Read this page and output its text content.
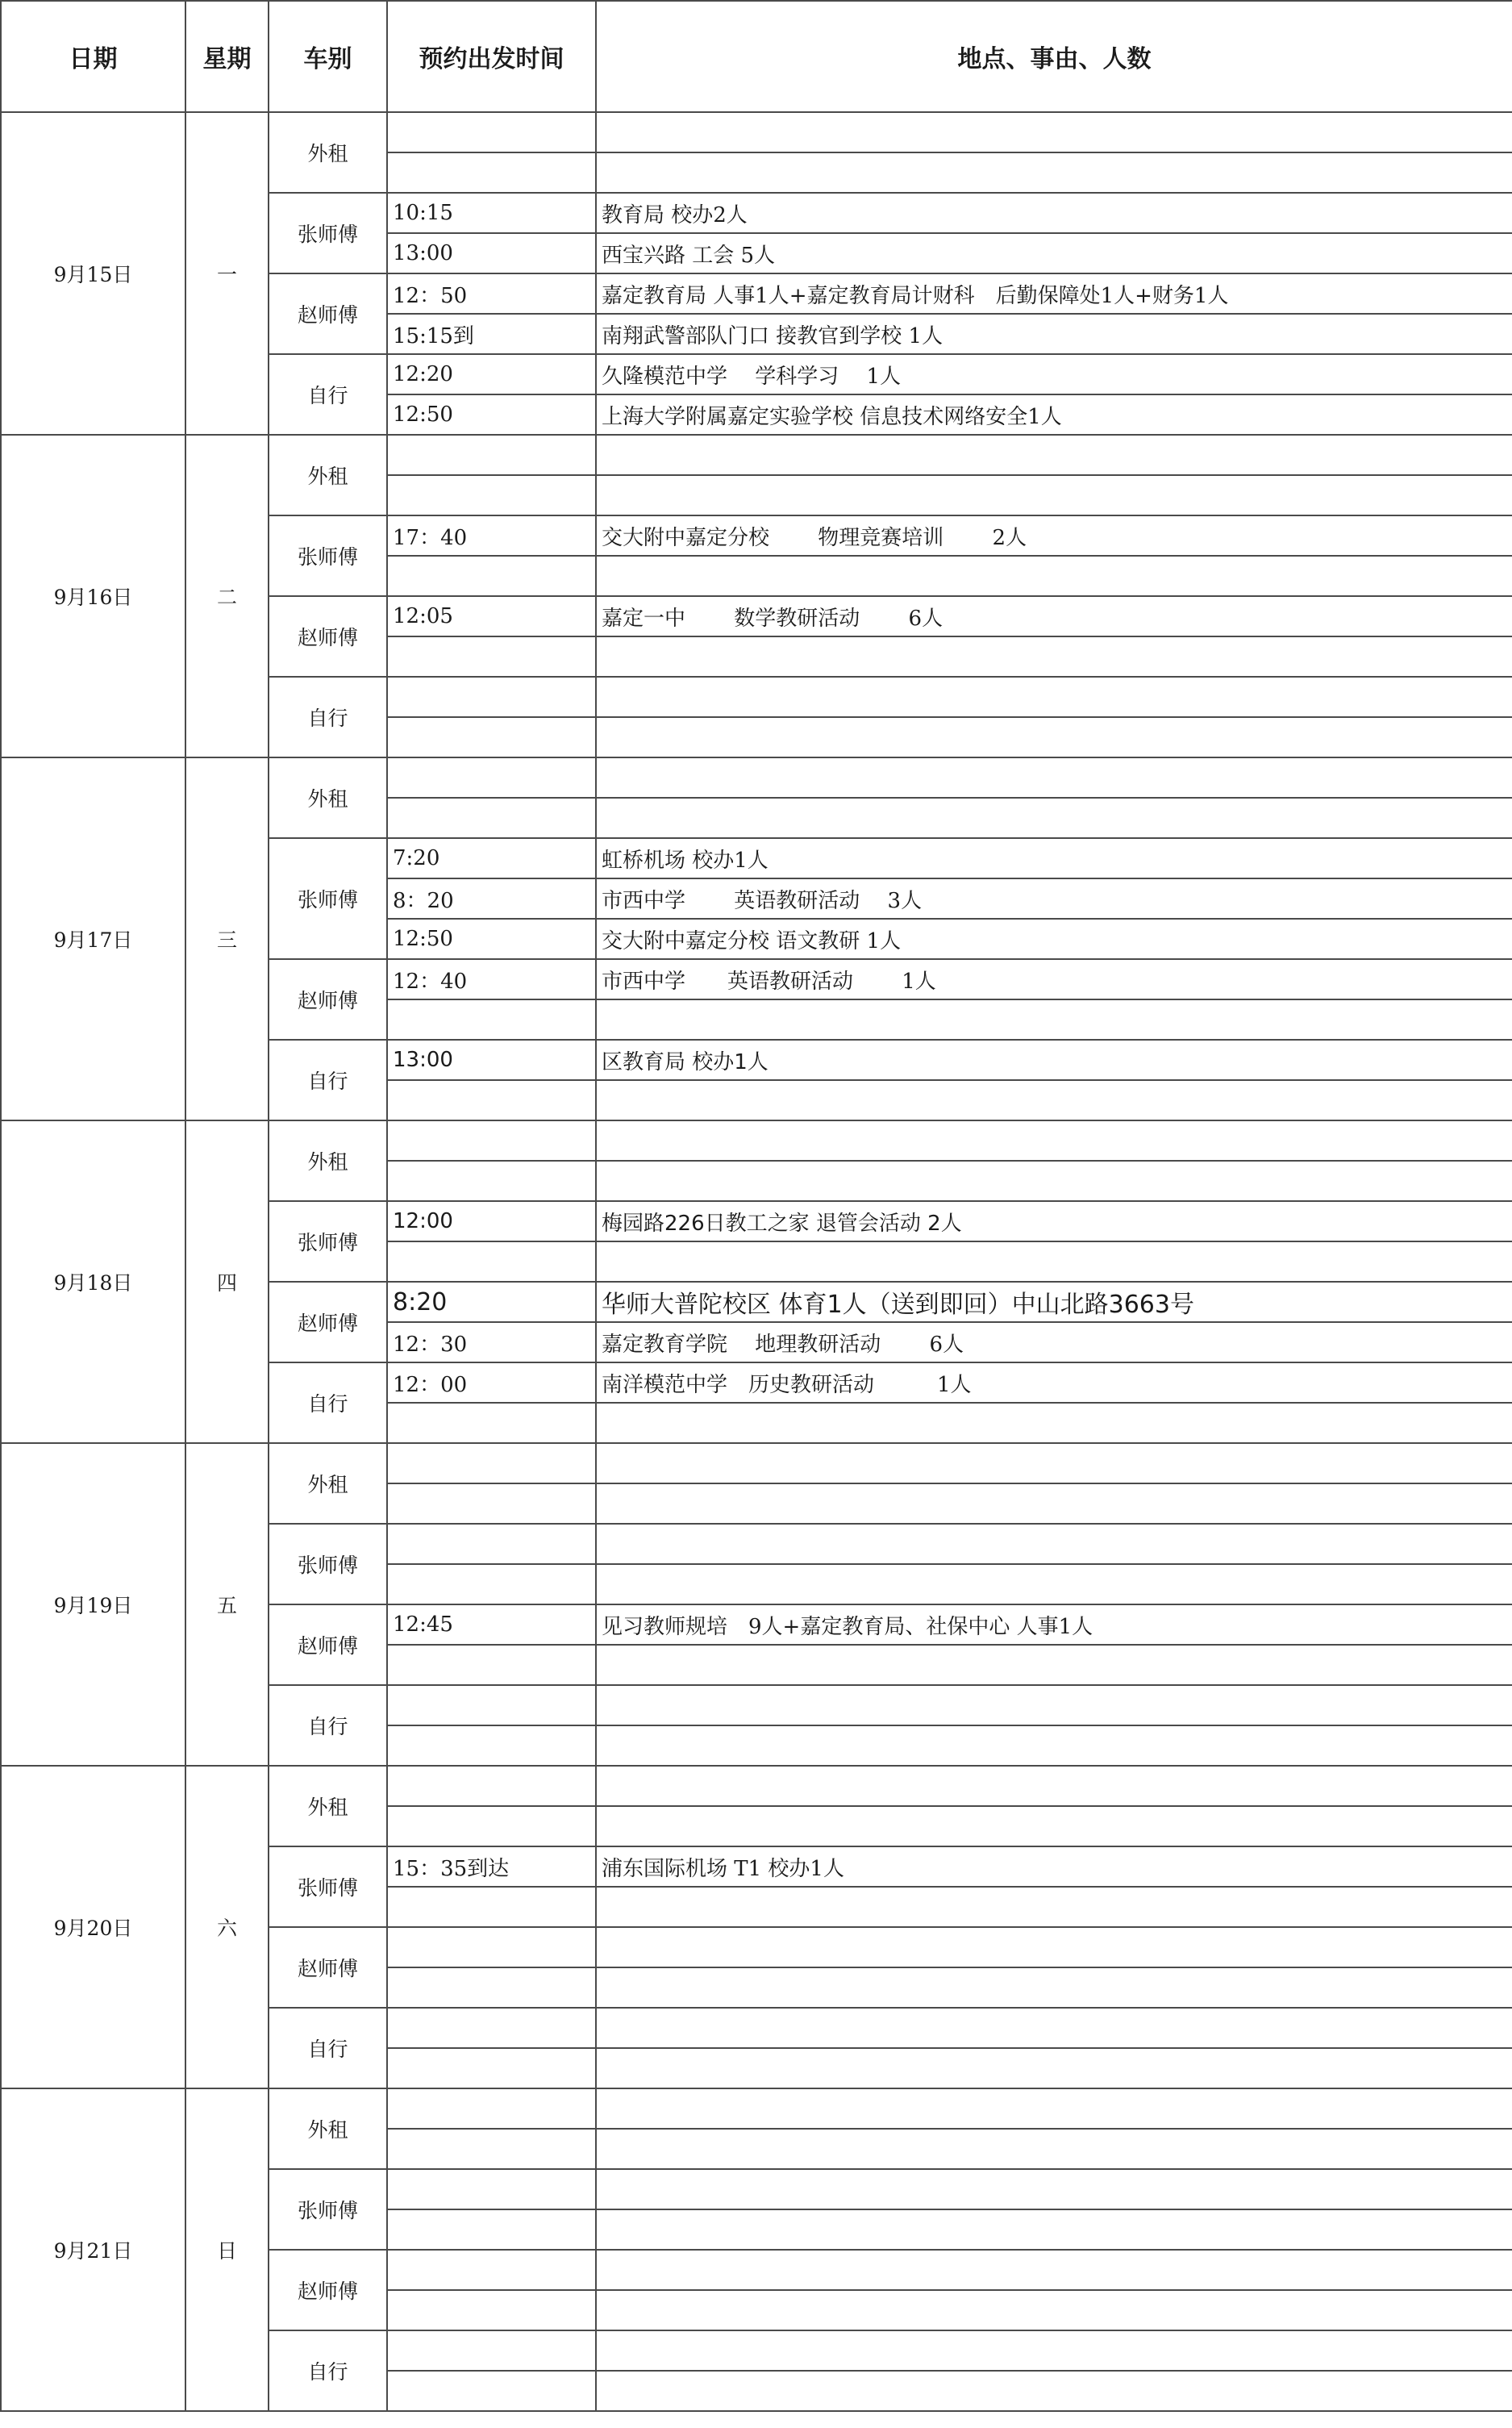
日期	星期	车别	预约出发时间	地点、事由、人数
9月15日	一	外租		

		张师傅	10:15	教育局 校办2人
			13:00	西宝兴路 工会 5人
		赵师傅	12：50	嘉定教育局 人事1人+嘉定教育局计财科　后勤保障处1人+财务1人
			15:15到	南翔武警部队门口 接教官到学校 1人
		自行	12:20	久隆模范中学　 学科学习　 1人
			12:50	上海大学附属嘉定实验学校 信息技术网络安全1人
9月16日	二	外租		

		张师傅	17：40	交大附中嘉定分校　　 物理竞赛培训　　 2人

		赵师傅	12:05	嘉定一中　　 数学教研活动　　 6人

		自行		

9月17日	三	外租		

		张师傅	7:20	虹桥机场 校办1人
			8：20	市西中学　　 英语教研活动　 3人
			12:50	交大附中嘉定分校 语文教研 1人
		赵师傅	12：40	市西中学　　英语教研活动　　 1人

		自行	13:00	区教育局 校办1人

9月18日	四	外租		

		张师傅	12:00	梅园路226日教工之家 退管会活动 2人

		赵师傅	8:20	华师大普陀校区 体育1人（送到即回）中山北路3663号
			12：30	嘉定教育学院　 地理教研活动　　 6人
		自行	12：00	南洋模范中学　历史教研活动　　　1人

9月19日	五	外租		

		张师傅		

		赵师傅	12:45	见习教师规培　9人+嘉定教育局、社保中心 人事1人

		自行		

9月20日	六	外租		

		张师傅	15：35到达	浦东国际机场 T1 校办1人

		赵师傅		

		自行		

9月21日	日	外租		

		张师傅		

		赵师傅		

		自行		
